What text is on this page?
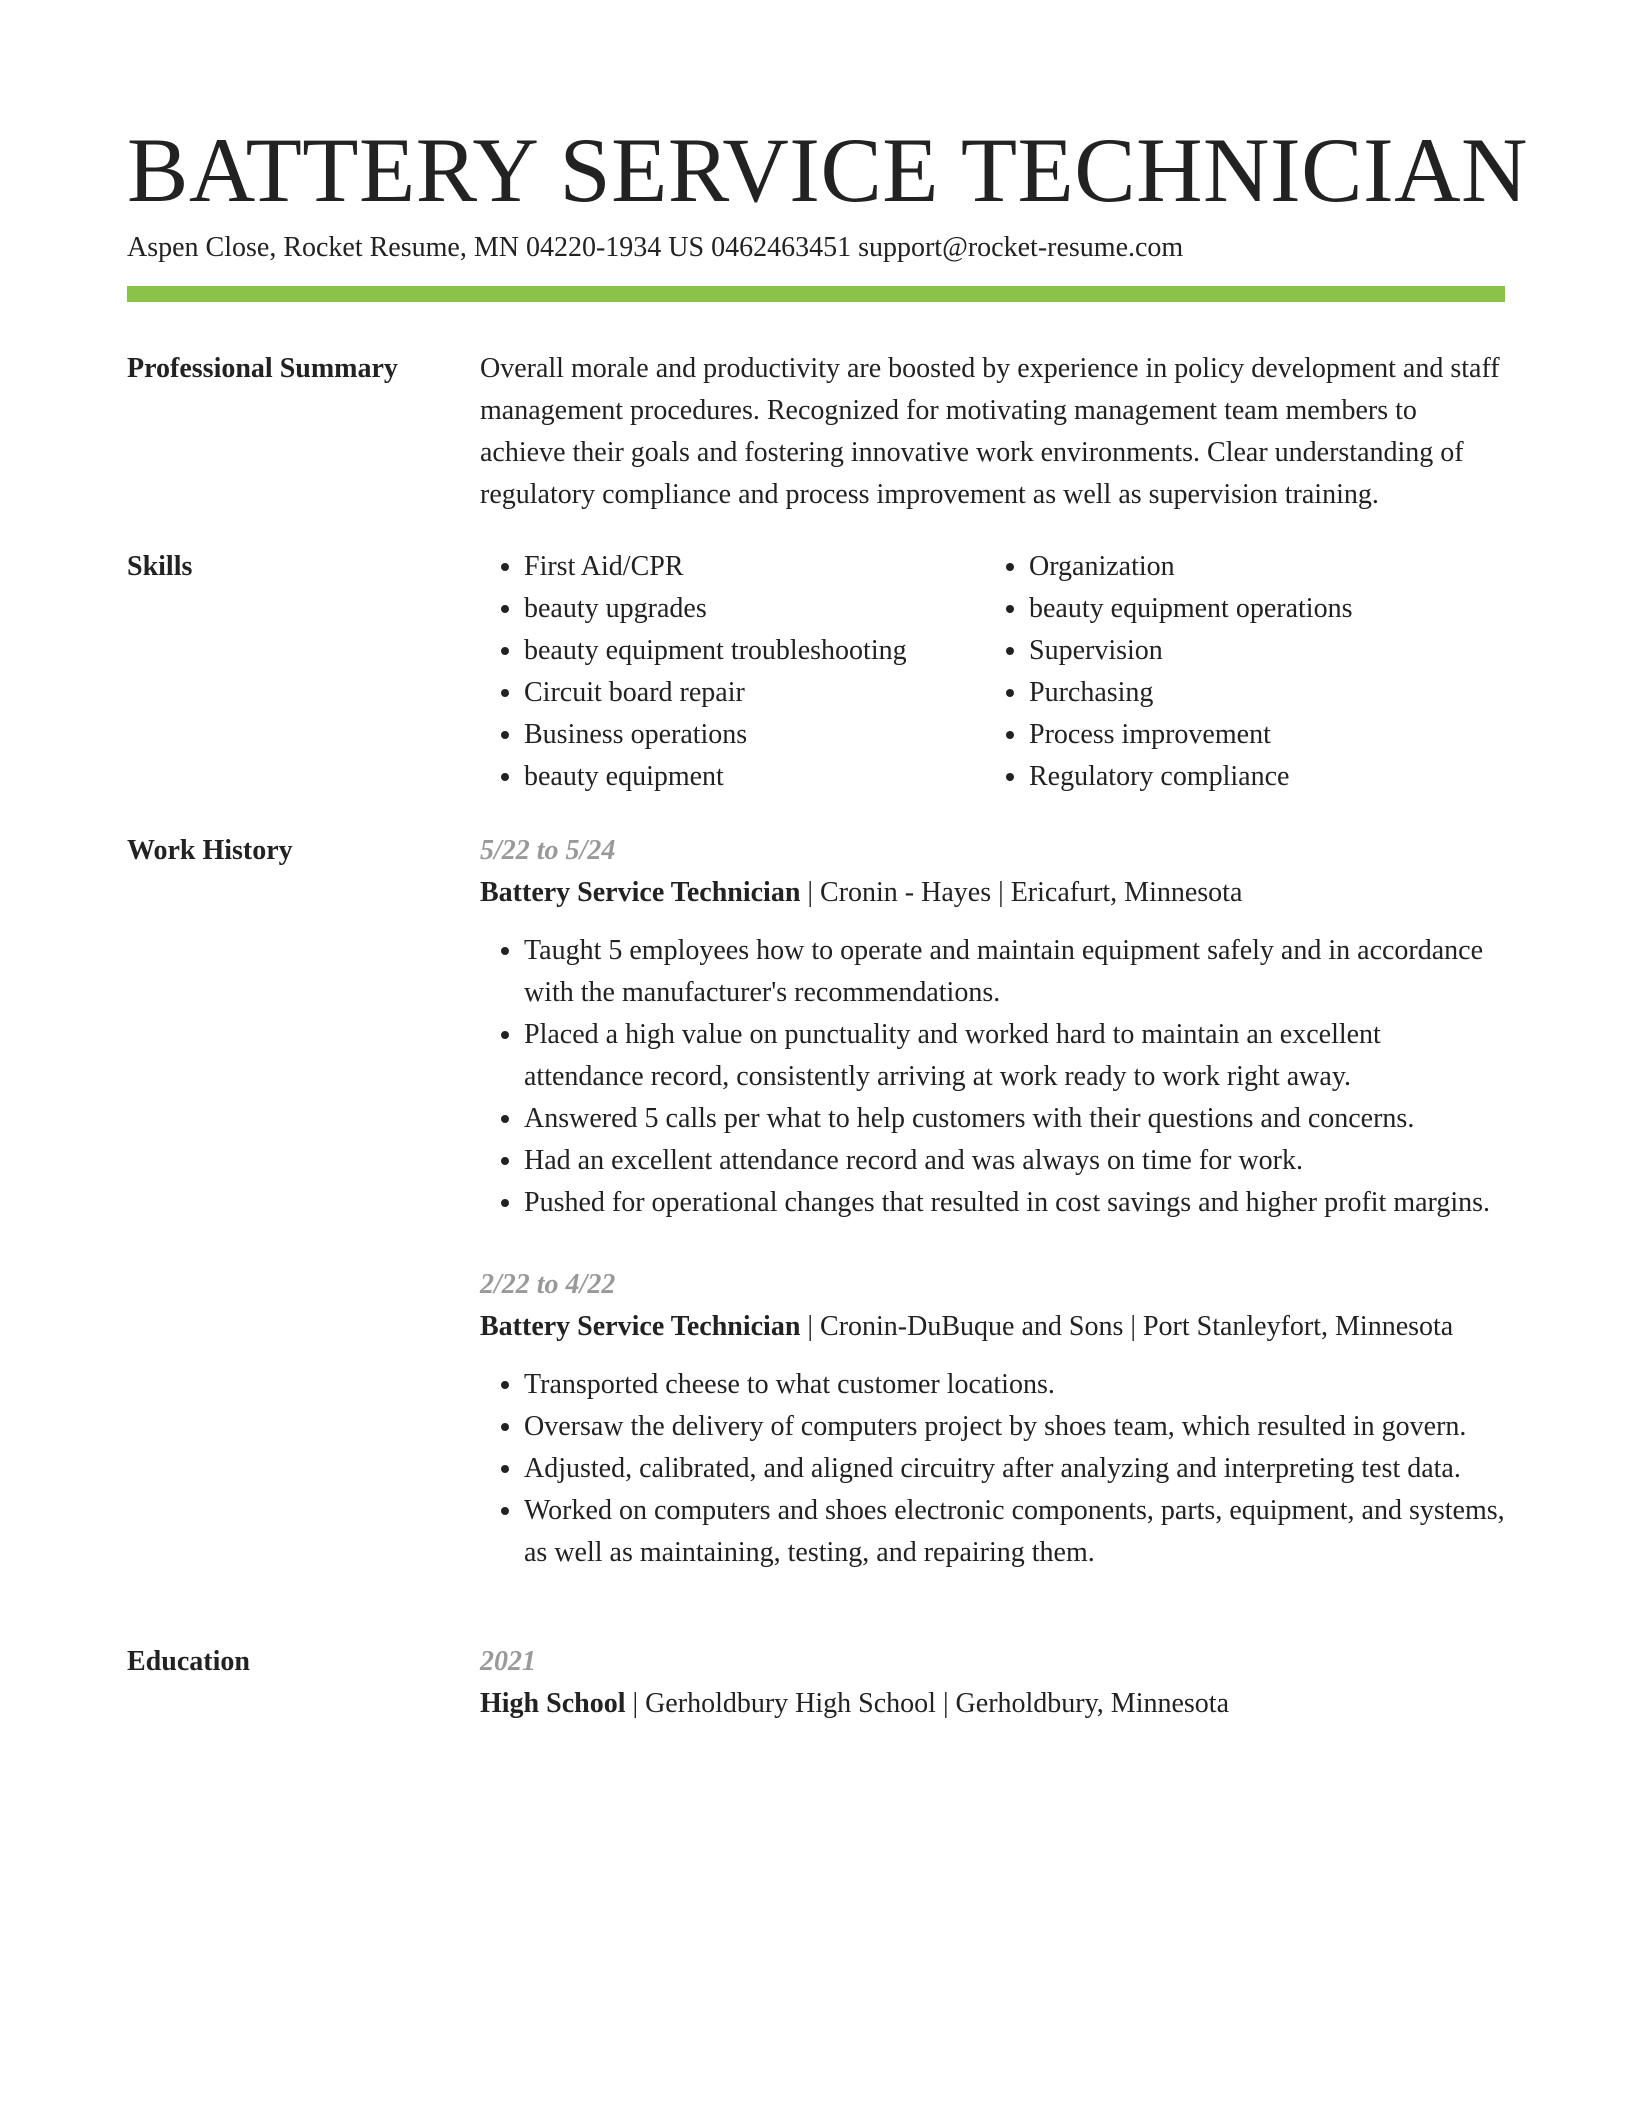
BATTERY SERVICE TECHNICIAN
Aspen Close, Rocket Resume, MN 04220-1934 US 0462463451 support@rocket-resume.com
Professional Summary	Overall morale and productivity are boosted by experience in policy development and staff management procedures. Recognized for motivating management team members to achieve their goals and fostering innovative work environments. Clear understanding of regulatory compliance and process improvement as well as supervision training.

Skills
•	First Aid/CPR
• beauty upgrades
• beauty equipment troubleshooting
• Circuit board repair
• Business operations
• beauty equipment
• Organization
• beauty equipment operations
• Supervision
• Purchasing
• Process improvement
• Regulatory compliance
Work History	5/22 to 5/24
Battery Service Technician | Cronin - Hayes | Ericafurt, Minnesota
• Taught 5 employees how to operate and maintain equipment safely and in accordance with the manufacturer's recommendations.
• Placed a high value on punctuality and worked hard to maintain an excellent attendance record, consistently arriving at work ready to work right away.
• Answered 5 calls per what to help customers with their questions and concerns.
• Had an excellent attendance record and was always on time for work.
• Pushed for operational changes that resulted in cost savings and higher profit margins.
2/22 to 4/22
Battery Service Technician | Cronin-DuBuque and Sons | Port Stanleyfort, Minnesota
• Transported cheese to what customer locations.
• Oversaw the delivery of computers project by shoes team, which resulted in govern.
• Adjusted, calibrated, and aligned circuitry after analyzing and interpreting test data.
• Worked on computers and shoes electronic components, parts, equipment, and systems, as well as maintaining, testing, and repairing them.
Education	2021
High School | Gerholdbury High School | Gerholdbury, Minnesota
